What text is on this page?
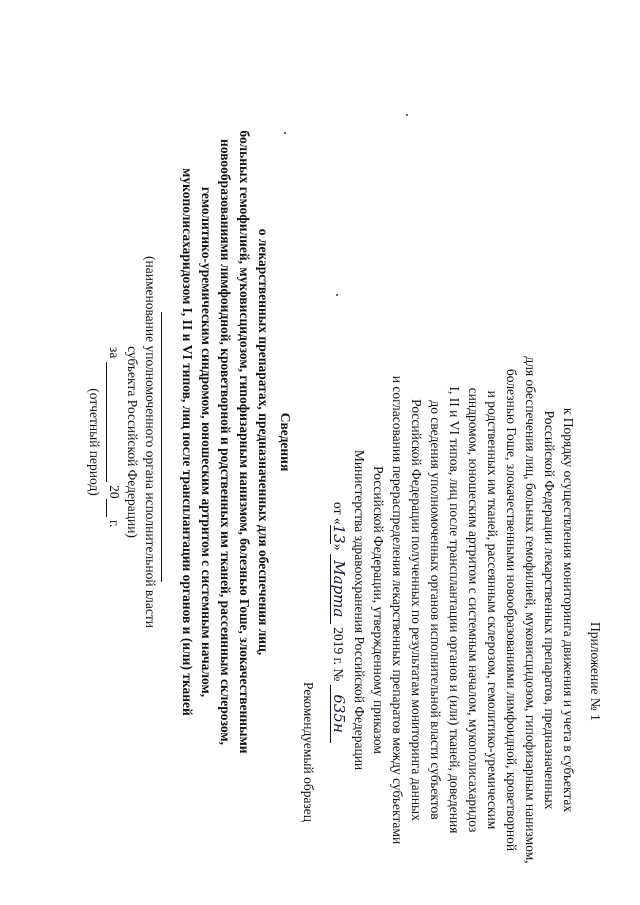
Приложение № 1
к Порядку осуществления мониторинга движения и учета в субъектах
Российской Федерации лекарственных препаратов, предназначенных
для обеспечения лиц, больных гемофилией, муковисцидозом, гипофизарным нанизмом,
болезнью Гоше, злокачественными новообразованиями лимфоидной, кроветворной
и родственных им тканей, рассеянным склерозом, гемолитико-уремическим
синдромом, юношеским артритом с системным началом, мукополисахаридоз
I, II и VI типов, лиц после трансплантации органов и (или) тканей, доведения
до сведения уполномоченных органов исполнительной власти субъектов
Российской Федерации полученных по результатам мониторинга данных
и согласования перераспределения лекарственных препаратов между субъектами
Российской Федерации, утвержденному приказом
Министерства здравоохранения Российской Федерации
от «13» Марта 2019 г. № 635н
Рекомендуемый образец
Сведения
о лекарственных препаратах, предназначенных для обеспечения лиц,
больных гемофилией, муковисцидозом, гипофизарным нанизмом, болезнью Гоше, злокачественными
новообразованиями лимфоидной, кроветворной и родственных им тканей, рассеянным склерозом,
гемолитико-уремическим синдромом, юношеским артритом с системным началом,
мукополисахаридозом I, II и VI типов, лиц после трансплантации органов и (или) тканей
(наименование уполномоченного органа исполнительной власти
субъекта Российской Федерации)
за   20  г.
(отчетный период)
